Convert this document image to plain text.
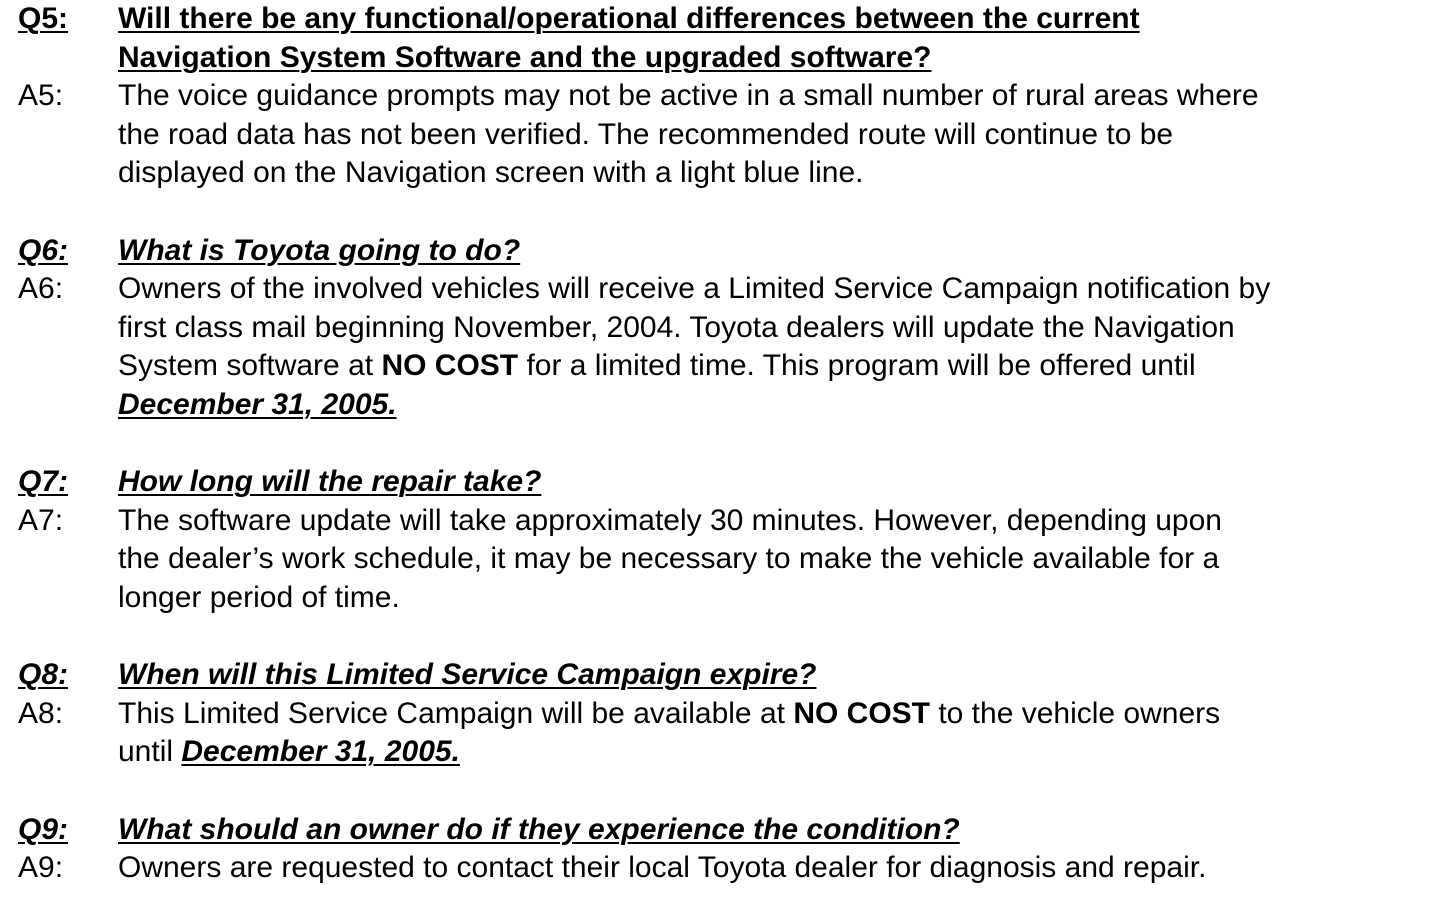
Q5:	Will there be any functional/operational differences between the current
Navigation System Software and the upgraded software?
A5:	The voice guidance prompts may not be active in a small number of rural areas where
the road data has not been verified. The recommended route will continue to be
displayed on the Navigation screen with a light blue line.
Q6:	What is Toyota going to do?
A6:	Owners of the involved vehicles will receive a Limited Service Campaign notification by
first class mail beginning November, 2004. Toyota dealers will update the Navigation
System software at NO COST for a limited time. This program will be offered until
December 31, 2005.
Q7:	How long will the repair take?
A7:	The software update will take approximately 30 minutes. However, depending upon
the dealer’s work schedule, it may be necessary to make the vehicle available for a
longer period of time.
Q8:	When will this Limited Service Campaign expire?
A8:	This Limited Service Campaign will be available at NO COST to the vehicle owners
until December 31, 2005.
Q9:	What should an owner do if they experience the condition?
A9:	Owners are requested to contact their local Toyota dealer for diagnosis and repair.
